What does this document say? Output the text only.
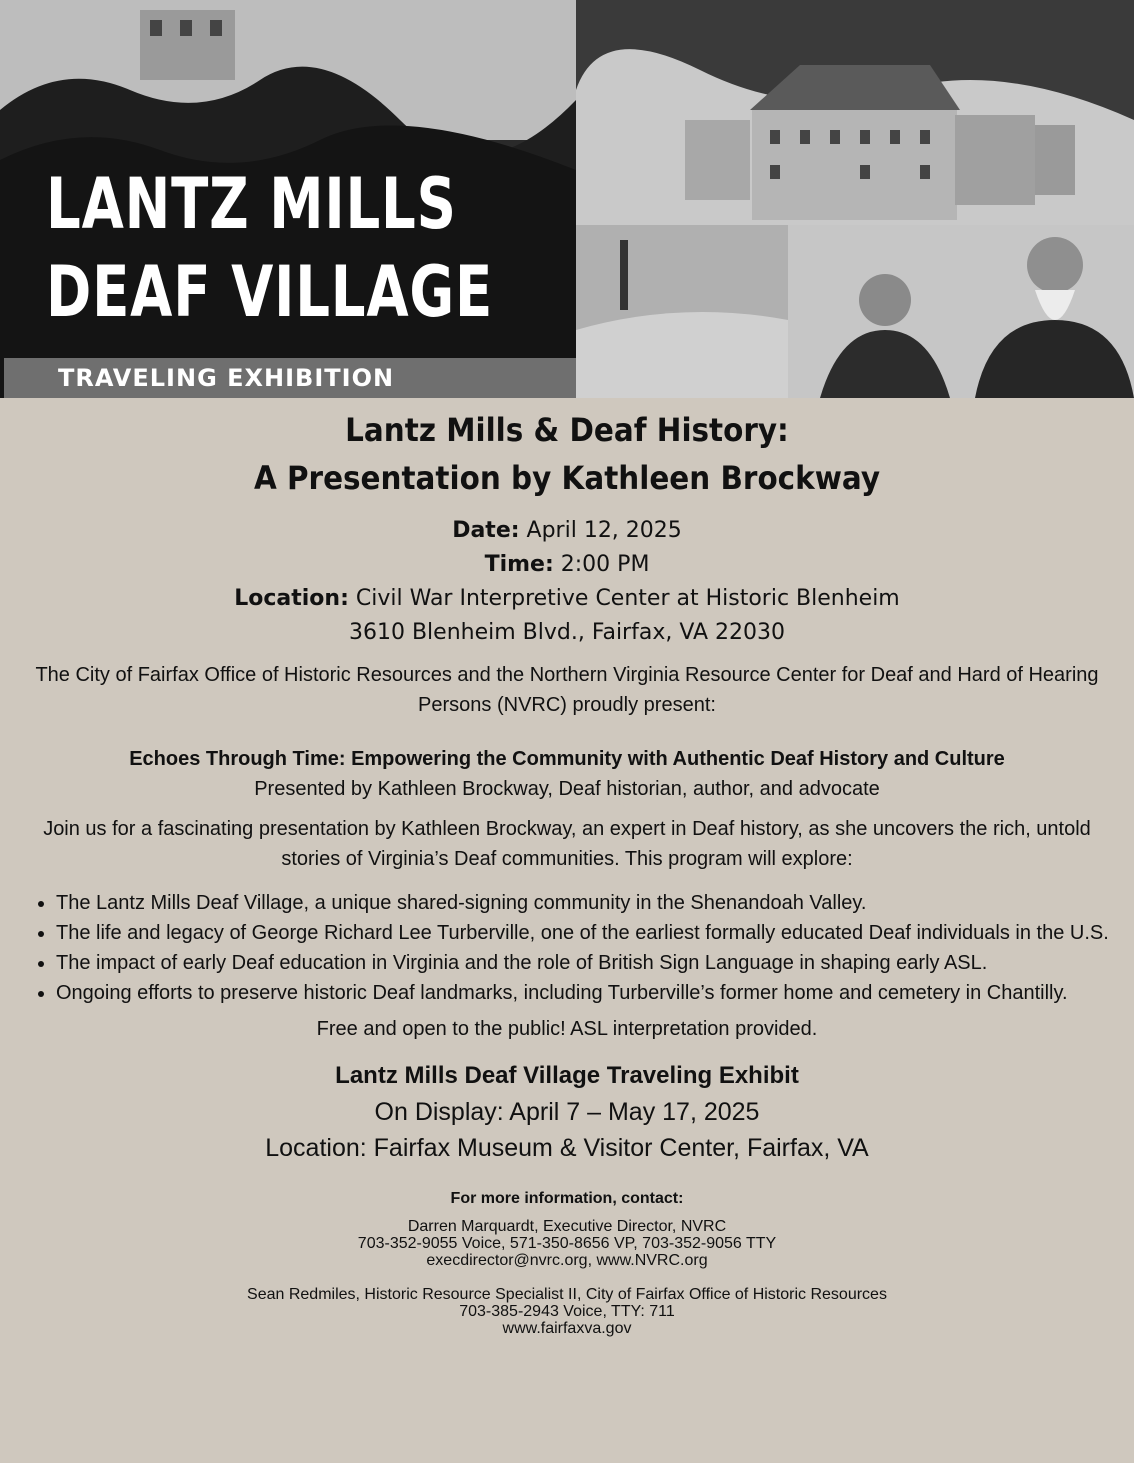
LANTZ MILLS
DEAF VILLAGE
TRAVELING EXHIBITION
Lantz Mills & Deaf History:
A Presentation by Kathleen Brockway
Date: April 12, 2025
Time: 2:00 PM
Location: Civil War Interpretive Center at Historic Blenheim
3610 Blenheim Blvd., Fairfax, VA 22030
The City of Fairfax Office of Historic Resources and the Northern Virginia Resource Center for Deaf and Hard of Hearing Persons (NVRC) proudly present:
Echoes Through Time: Empowering the Community with Authentic Deaf History and Culture
Presented by Kathleen Brockway, Deaf historian, author, and advocate
Join us for a fascinating presentation by Kathleen Brockway, an expert in Deaf history, as she uncovers the rich, untold stories of Virginia’s Deaf communities. This program will explore:
• The Lantz Mills Deaf Village, a unique shared-signing community in the Shenandoah Valley.
• The life and legacy of George Richard Lee Turberville, one of the earliest formally educated Deaf individuals in the U.S.
• The impact of early Deaf education in Virginia and the role of British Sign Language in shaping early ASL.
• Ongoing efforts to preserve historic Deaf landmarks, including Turberville’s former home and cemetery in Chantilly.
Free and open to the public! ASL interpretation provided.
Lantz Mills Deaf Village Traveling Exhibit
On Display: April 7 – May 17, 2025
Location: Fairfax Museum & Visitor Center, Fairfax, VA
For more information, contact:
Darren Marquardt, Executive Director, NVRC
703-352-9055 Voice, 571-350-8656 VP, 703-352-9056 TTY
execdirector@nvrc.org, www.NVRC.org
Sean Redmiles, Historic Resource Specialist II, City of Fairfax Office of Historic Resources
703-385-2943 Voice, TTY: 711
www.fairfaxva.gov
